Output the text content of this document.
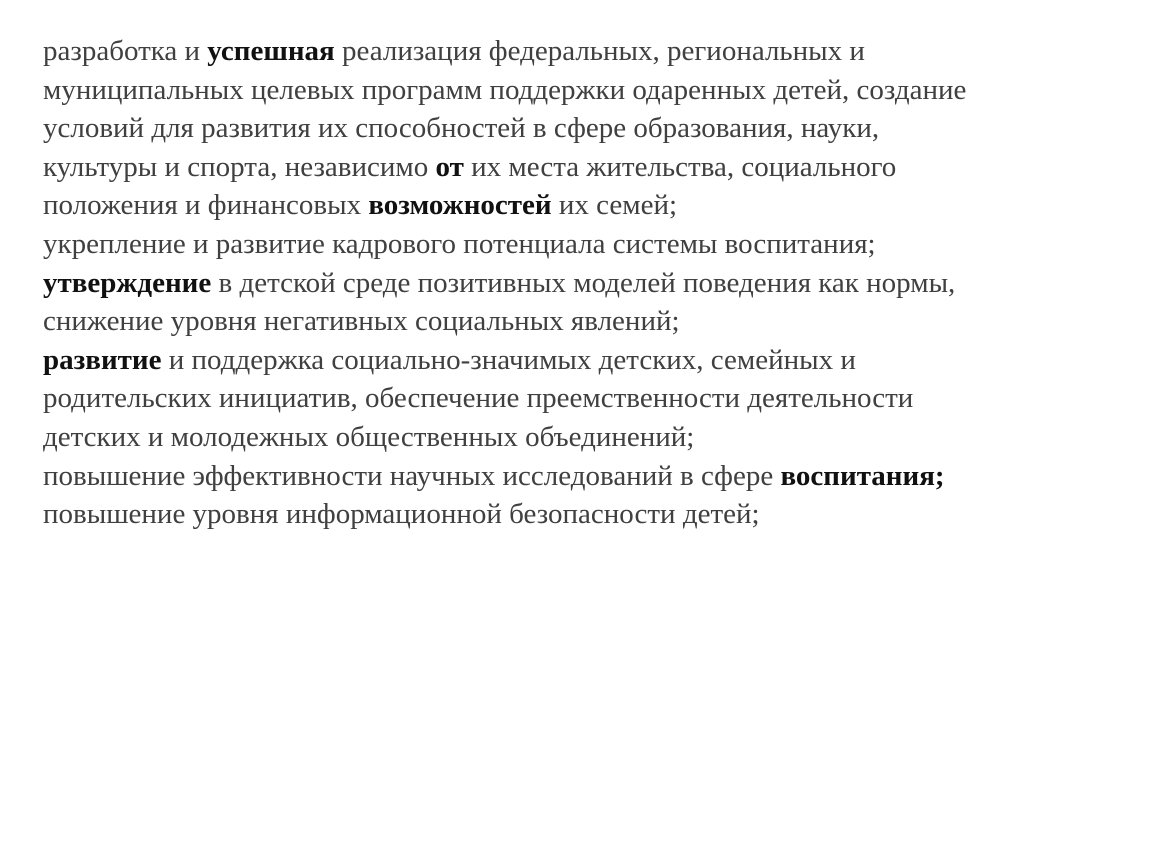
разработка и успешная реализация федеральных, региональных и
муниципальных целевых программ поддержки одаренных детей, создание
условий для развития их способностей в сфере образования, науки,
культуры и спорта, независимо от их места жительства, социального
положения и финансовых возможностей их семей;
укрепление и развитие кадрового потенциала системы воспитания;
утверждение в детской среде позитивных моделей поведения как нормы,
снижение уровня негативных социальных явлений;
развитие и поддержка социально-значимых детских, семейных и
родительских инициатив, обеспечение преемственности деятельности
детских и молодежных общественных объединений;
повышение эффективности научных исследований в сфере воспитания;
повышение уровня информационной безопасности детей;
